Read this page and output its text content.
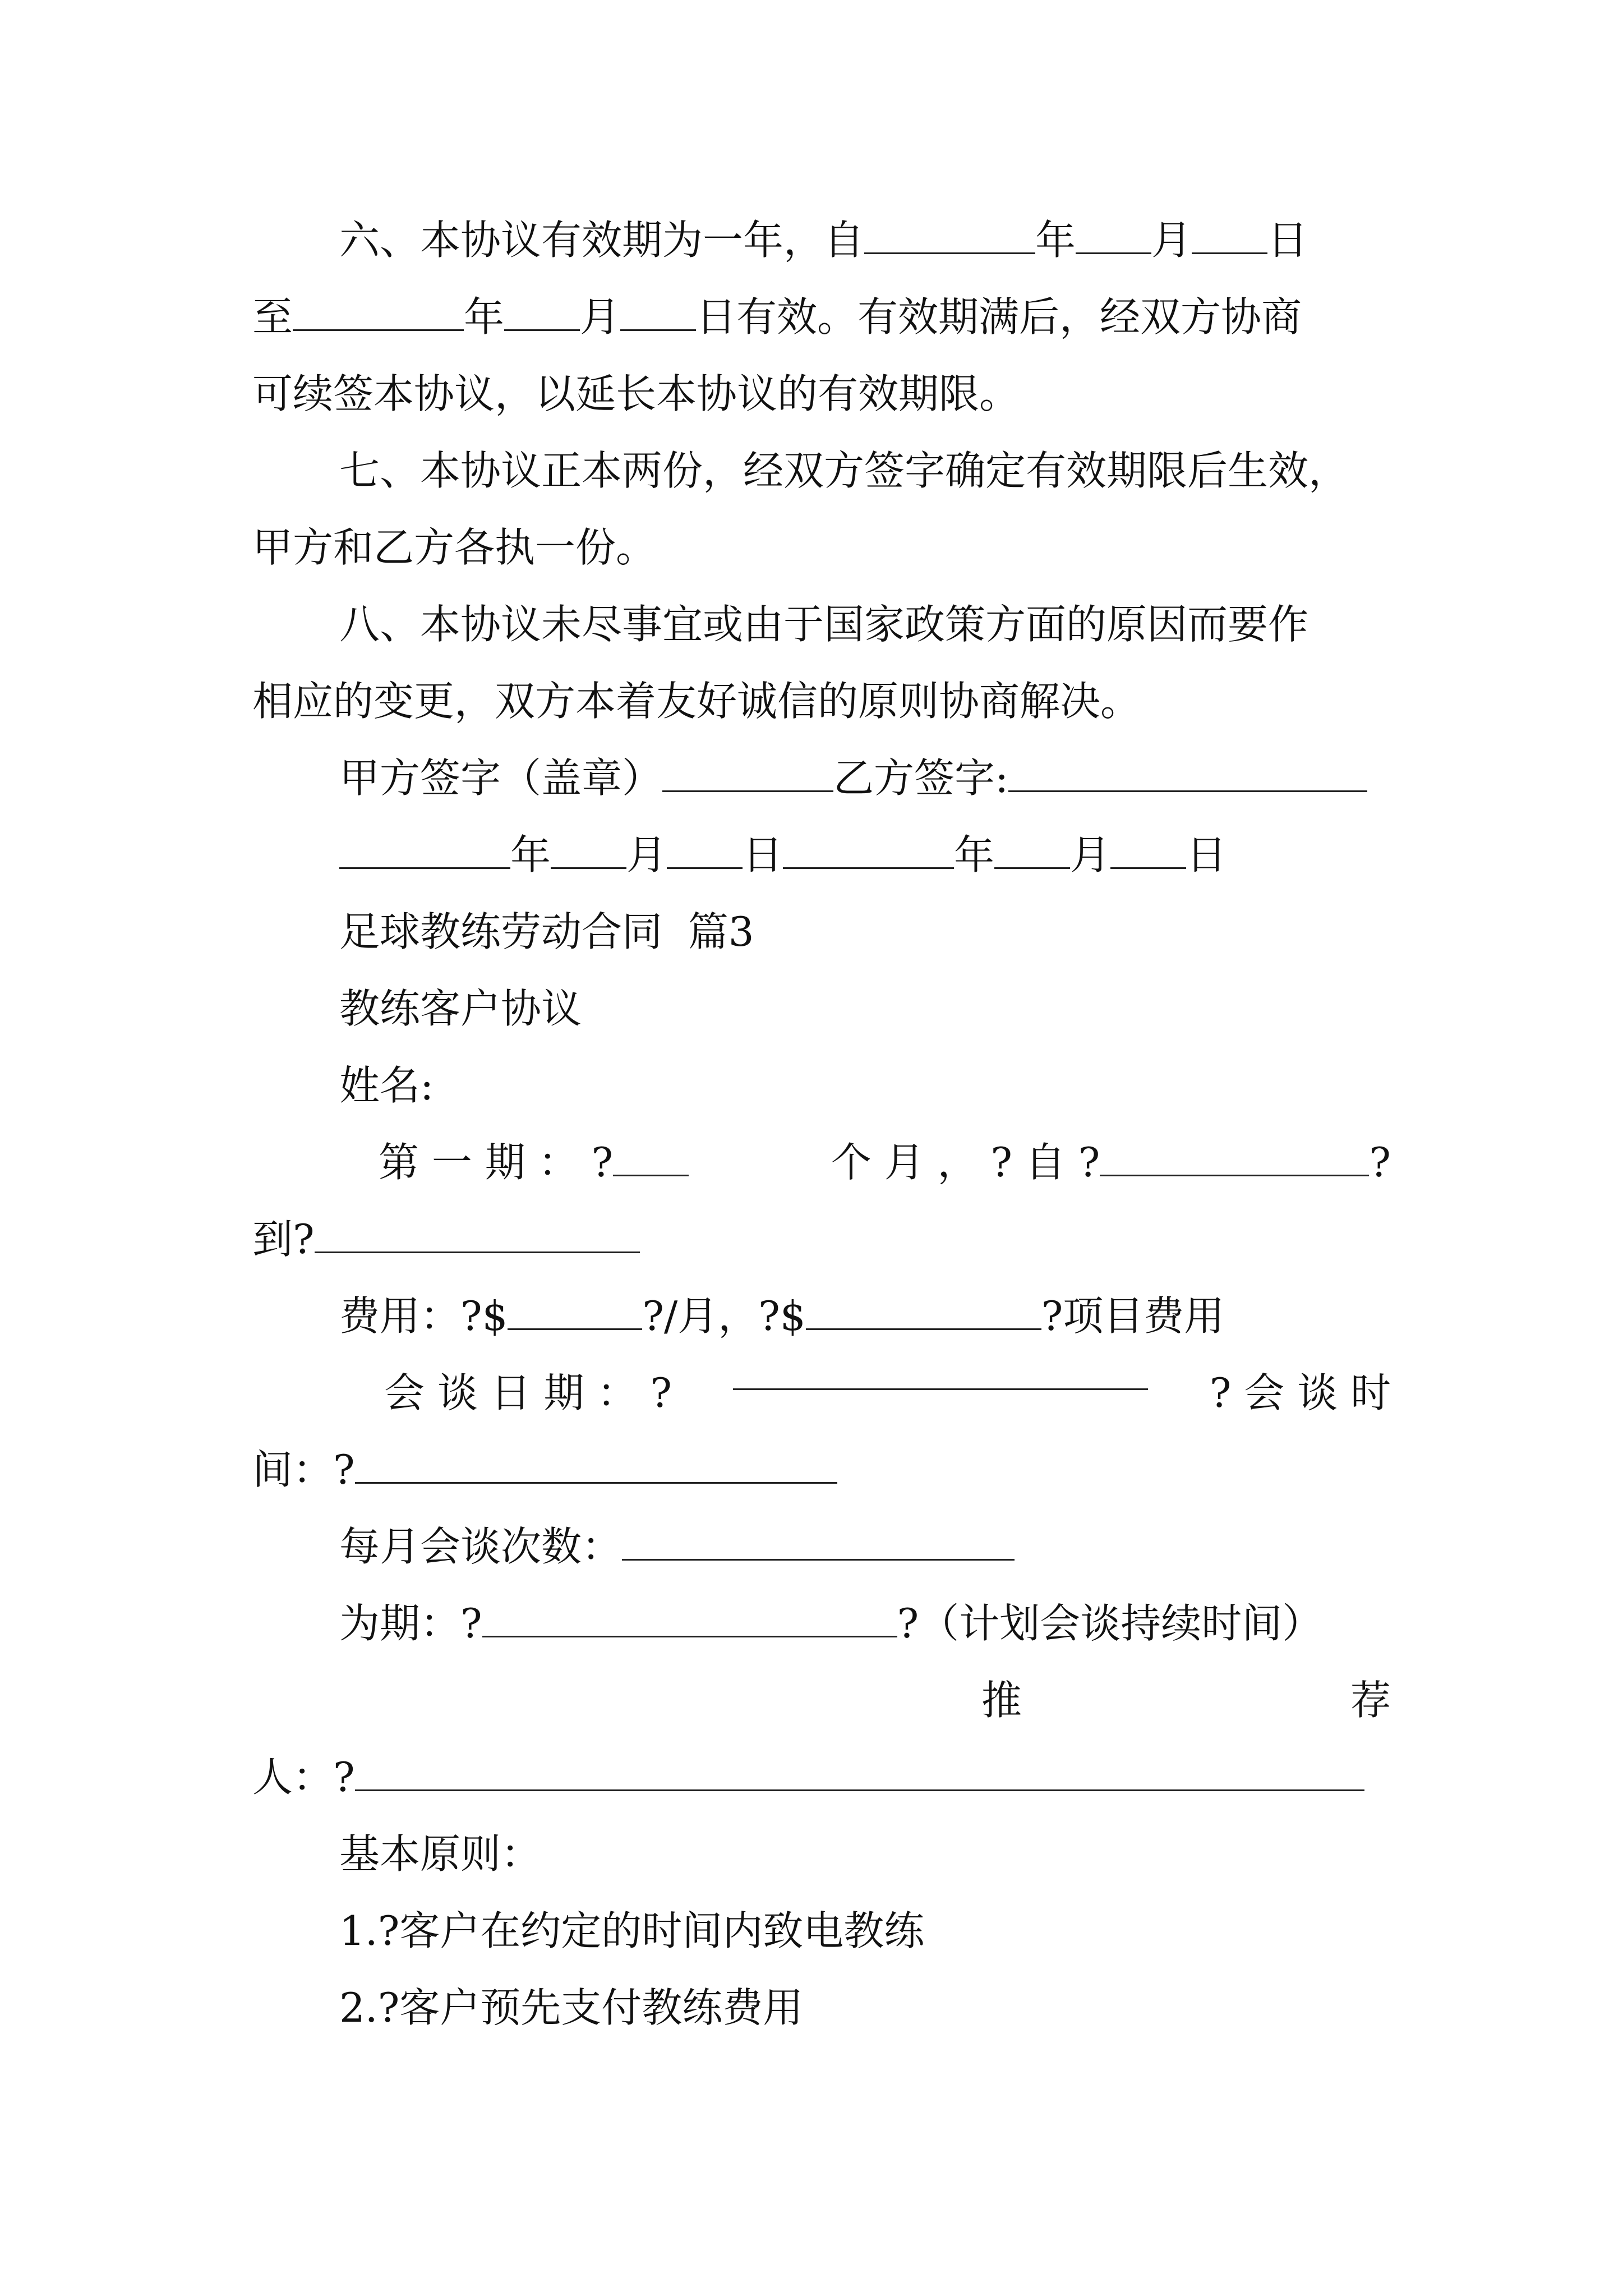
六、本协议有效期为一年，自	年 月 日
至	年 月 日有效。有效期满后，经双方协商
可续签本协议，以延长本协议的有效期限。
七、本协议正本两份，经双方签字确定有效期限后生效，
甲方和乙方各执一份。
八、本协议未尽事宜或由于国家政策方面的原因而要作
相应的变更，双方本着友好诚信的原则协商解决。
甲方签字（盖章）	乙方签字:
年 月 日	年 月 日
足球教练劳动合同  篇3
教练客户协议
姓名:
第 一 期 ： ?	个 月 ， ? 自 ?	?
到?
费用：?$	?/月，?$	?项目费用
会 谈 日 期 ： ?	? 会 谈 时
间：?
每月会谈次数：
为期：?	?（计划会谈持续时间）
推	荐
人：?
基本原则：
1.?客户在约定的时间内致电教练
2.?客户预先支付教练费用
